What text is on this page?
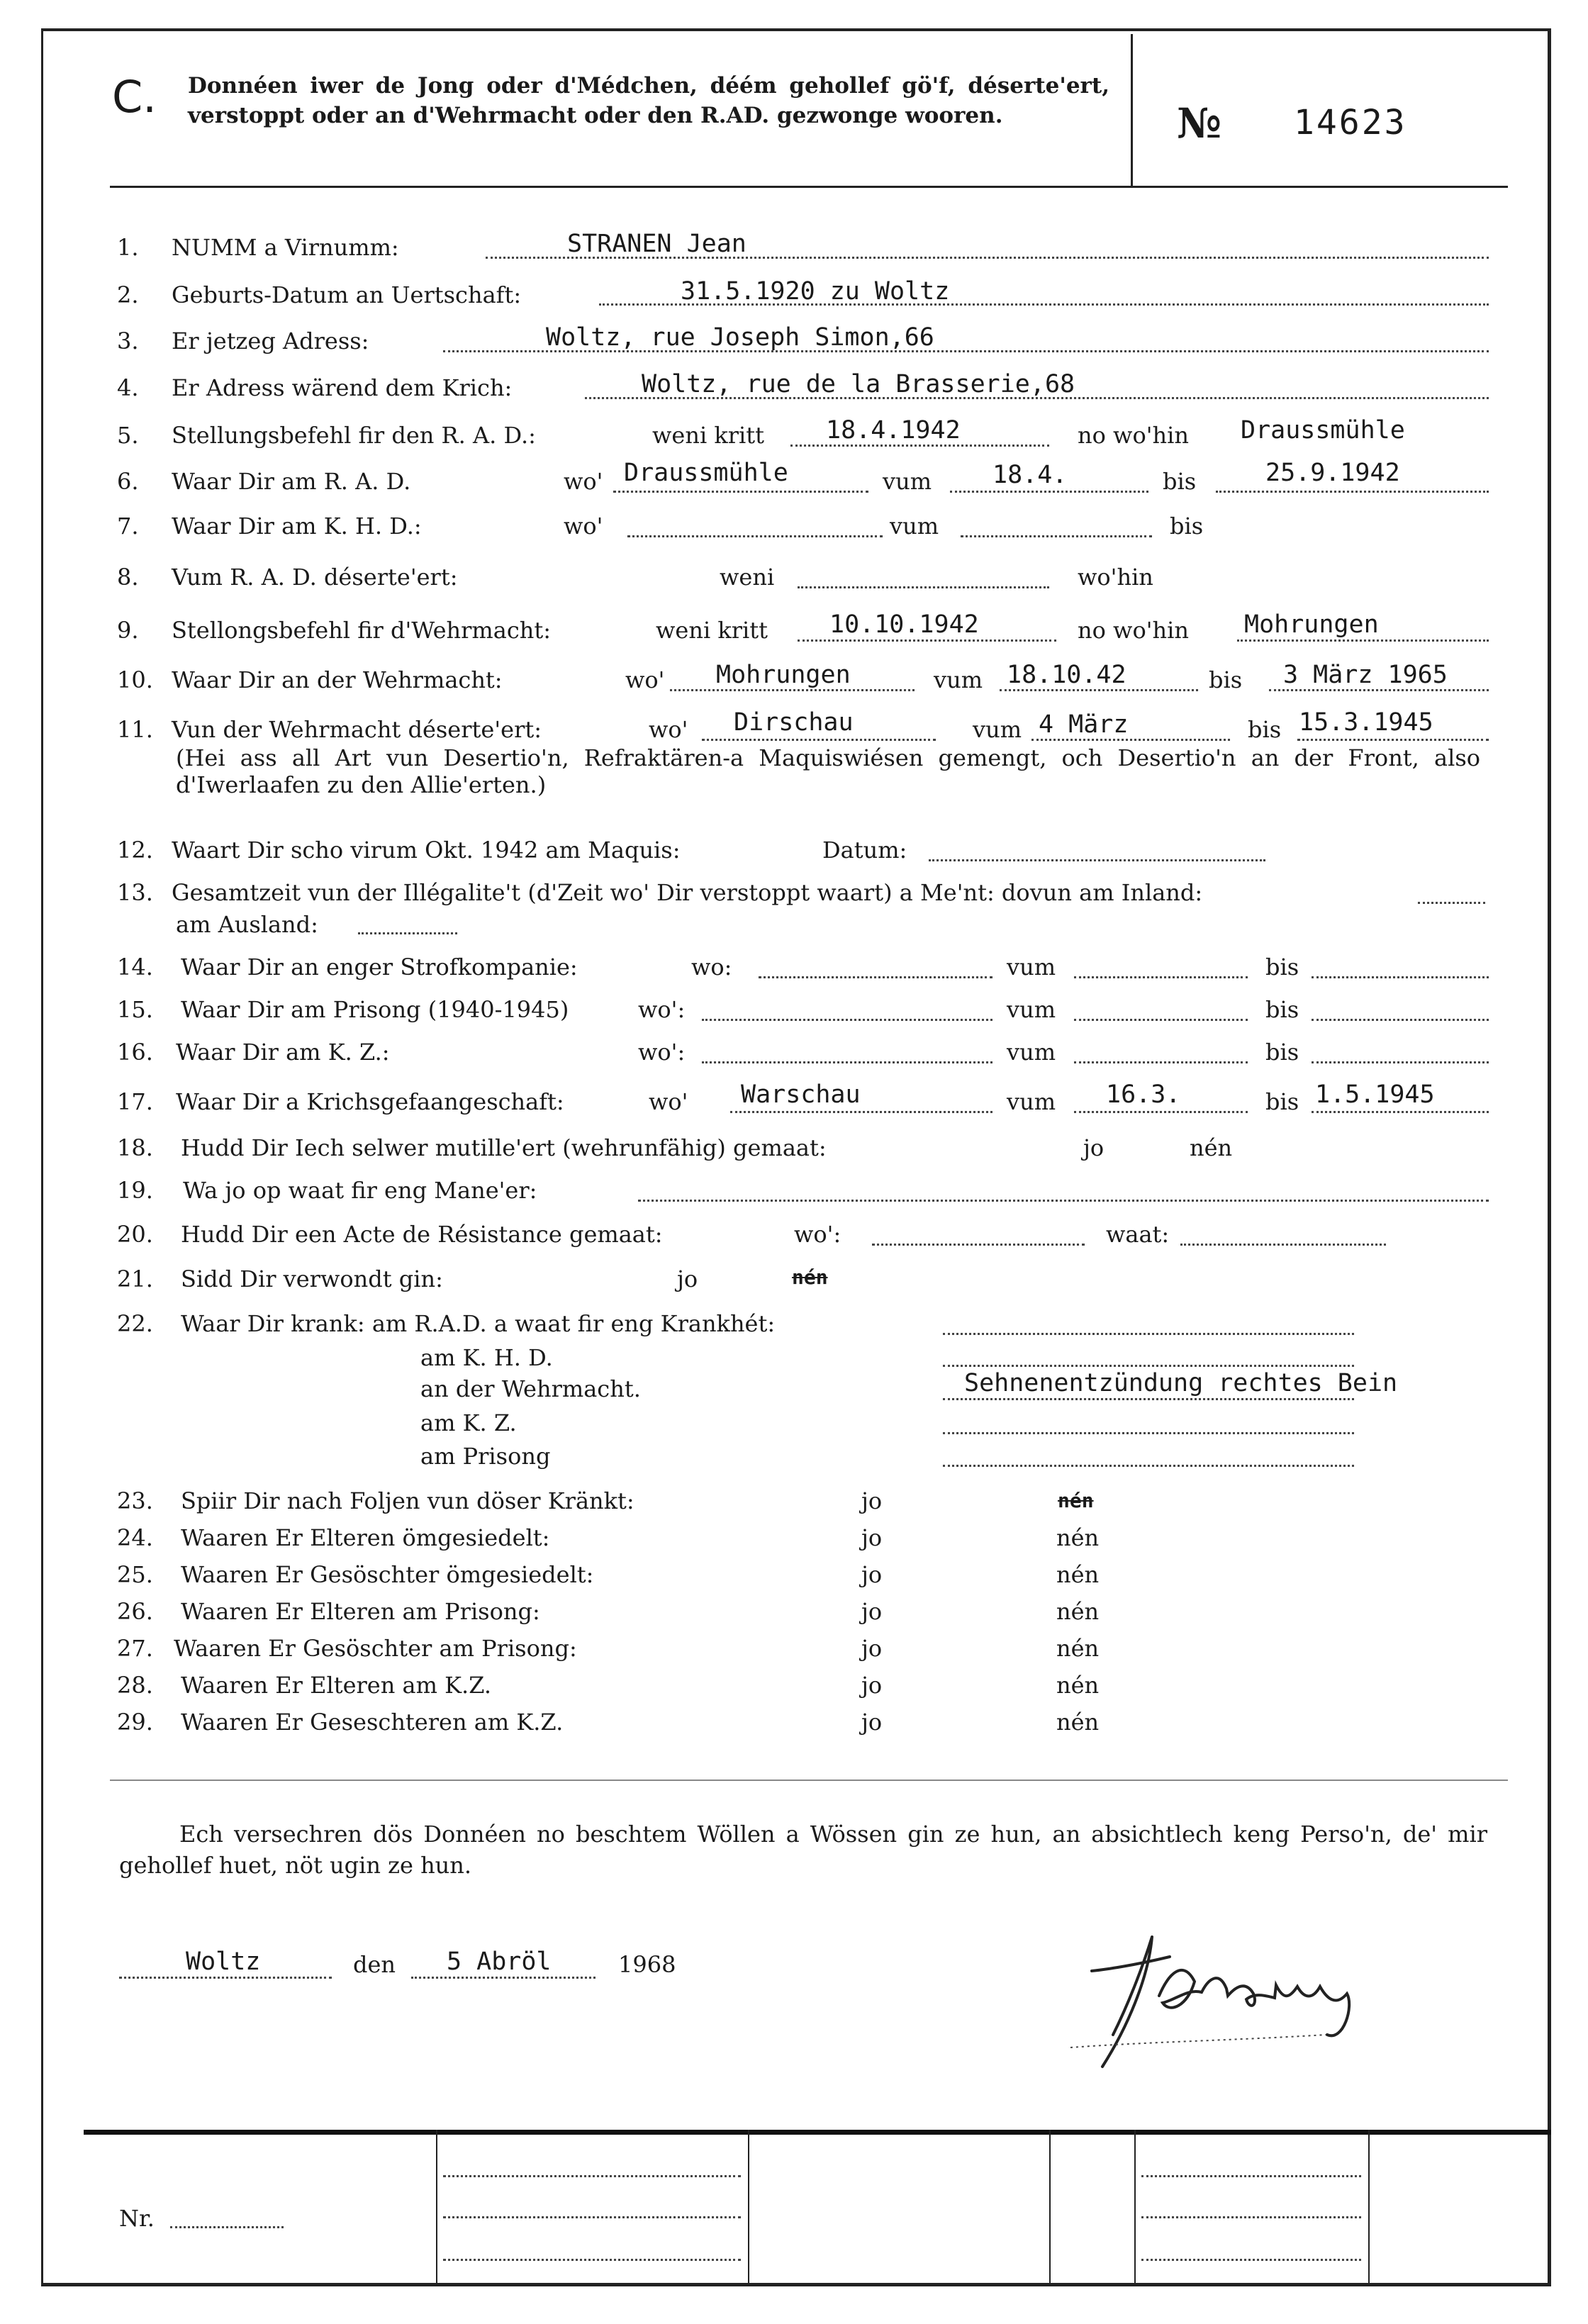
C. Donnéen iwer de Jong oder d'Médchen, déém gehollef gö'f, déserte'ert, verstoppt oder an d'Wehrmacht oder den R.AD. gezwonge wooren.	№ 14623
1. NUMM a Virnumm:	STRANEN Jean
2. Geburts-Datum an Uertschaft:	31.5.1920 zu Woltz
3. Er jetzeg Adress:	Woltz, rue Joseph Simon,66
4. Er Adress wärend dem Krich:	Woltz, rue de la Brasserie,68
5. Stellungsbefehl fir den R. A. D.:	weni kritt 18.4.1942	no wo'hin Draussmühle
6. Waar Dir am R. A. D.	wo' Draussmühle	vum 18.4.	bis	25.9.1942
7. Waar Dir am K. H. D.:	wo'	vum	bis
8. Vum R. A. D. déserte'ert:	weni	wo'hin
9. Stellongsbefehl fir d'Wehrmacht:	weni kritt 10.10.1942	no wo'hin Mohrungen
10. Waar Dir an der Wehrmacht:	wo' Mohrungen	vum 18.10.42	bis 3 März 1965
11. Vun der Wehrmacht déserte'ert:	wo' Dirschau	vum 4 März	bis 15.3.1945
(Hei ass all Art vun Desertio'n, Refraktären-a Maquiswiésen gemengt, och Desertio'n an der Front, also d'Iwerlaafen zu den Allie'erten.)
12. Waart Dir scho virum Okt. 1942 am Maquis:	Datum:
13. Gesamtzeit vun der Illégalite't (d'Zeit wo' Dir verstoppt waart) a Me'nt: dovun am Inland:
am Ausland:
14. Waar Dir an enger Strofkompanie:	wo:	vum	bis
15. Waar Dir am Prisong (1940-1945)	wo':	vum	bis
16. Waar Dir am K. Z.:	wo':	vum	bis
17. Waar Dir a Krichsgefaangeschaft:	wo' Warschau	vum 16.3.	bis 1.5.1945
18. Hudd Dir Iech selwer mutille'ert (wehrunfähig) gemaat:	jo	nén
19. Wa jo op waat fir eng Mane'er:
20. Hudd Dir een Acte de Résistance gemaat:	wo':	waat:
21. Sidd Dir verwondt gin:	jo	nén
22. Waar Dir krank: am R.A.D. a waat fir eng Krankhét:
am K. H. D.
an der Wehrmacht.	Sehnenentzündung rechtes Bein
am K. Z.
am Prisong
23. Spiir Dir nach Foljen vun döser Kränkt:	jo	nén
24. Waaren Er Elteren ömgesiedelt:	jo	nén
25. Waaren Er Gesöschter ömgesiedelt:	jo	nén
26. Waaren Er Elteren am Prisong:	jo	nén
27. Waaren Er Gesöschter am Prisong:	jo	nén
28. Waaren Er Elteren am K.Z.	jo	nén
29. Waaren Er Geseschteren am K.Z.	jo	nén
Ech versechren dös Donnéen no beschtem Wöllen a Wössen gin ze hun, an absichtlech keng Perso'n, de' mir gehollef huet, nöt ugin ze hun.
Woltz	den 5 Abröl	1968
Nr.
